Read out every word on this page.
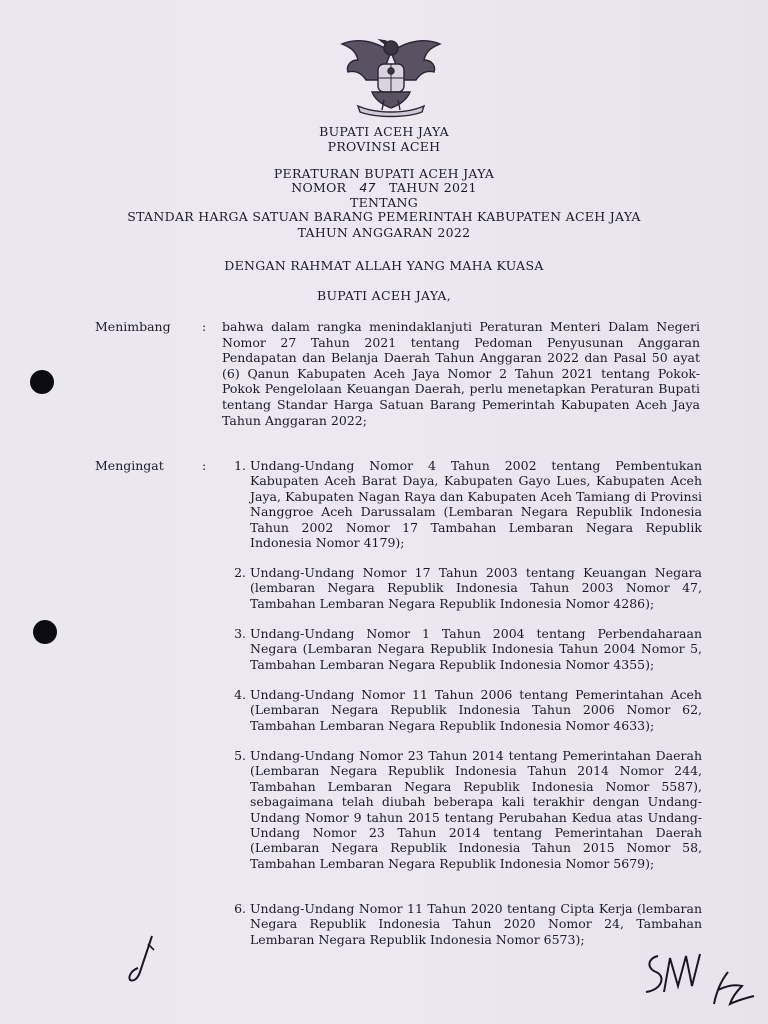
BUPATI ACEH JAYA
PROVINSI ACEH
PERATURAN BUPATI ACEH JAYA
NOMOR 47 TAHUN 2021
TENTANG
STANDAR HARGA SATUAN BARANG PEMERINTAH KABUPATEN ACEH JAYA
TAHUN ANGGARAN 2022
DENGAN RAHMAT ALLAH YANG MAHA KUASA
BUPATI ACEH JAYA,
Menimbang	: bahwa dalam rangka menindaklanjuti Peraturan Menteri Dalam Negeri Nomor 27 Tahun 2021 tentang Pedoman Penyusunan Anggaran Pendapatan dan Belanja Daerah Tahun Anggaran 2022 dan Pasal 50 ayat (6) Qanun Kabupaten Aceh Jaya Nomor 2 Tahun 2021 tentang Pokok-Pokok Pengelolaan Keuangan Daerah, perlu menetapkan Peraturan Bupati tentang Standar Harga Satuan Barang Pemerintah Kabupaten Aceh Jaya Tahun Anggaran 2022;
Mengingat	:	1. Undang-Undang Nomor 4 Tahun 2002 tentang Pembentukan Kabupaten Aceh Barat Daya, Kabupaten Gayo Lues, Kabupaten Aceh Jaya, Kabupaten Nagan Raya dan Kabupaten Aceh Tamiang di Provinsi Nanggroe Aceh Darussalam (Lembaran Negara Republik Indonesia Tahun 2002 Nomor 17 Tambahan Lembaran Negara Republik Indonesia Nomor 4179);
2. Undang-Undang Nomor 17 Tahun 2003 tentang Keuangan Negara (lembaran Negara Republik Indonesia Tahun 2003 Nomor 47, Tambahan Lembaran Negara Republik Indonesia Nomor 4286);
3. Undang-Undang Nomor 1 Tahun 2004 tentang Perbendaharaan Negara (Lembaran Negara Republik Indonesia Tahun 2004 Nomor 5, Tambahan Lembaran Negara Republik Indonesia Nomor 4355);
4. Undang-Undang Nomor 11 Tahun 2006 tentang Pemerintahan Aceh (Lembaran Negara Republik Indonesia Tahun 2006 Nomor 62, Tambahan Lembaran Negara Republik Indonesia Nomor 4633);
5. Undang-Undang Nomor 23 Tahun 2014 tentang Pemerintahan Daerah (Lembaran Negara Republik Indonesia Tahun 2014 Nomor 244, Tambahan Lembaran Negara Republik Indonesia Nomor 5587), sebagaimana telah diubah beberapa kali terakhir dengan Undang-Undang Nomor 9 tahun 2015 tentang Perubahan Kedua atas Undang-Undang Nomor 23 Tahun 2014 tentang Pemerintahan Daerah (Lembaran Negara Republik Indonesia Tahun 2015 Nomor 58, Tambahan Lembaran Negara Republik Indonesia Nomor 5679);
6. Undang-Undang Nomor 11 Tahun 2020 tentang Cipta Kerja (lembaran Negara Republik Indonesia Tahun 2020 Nomor 24, Tambahan Lembaran Negara Republik Indonesia Nomor 6573);
